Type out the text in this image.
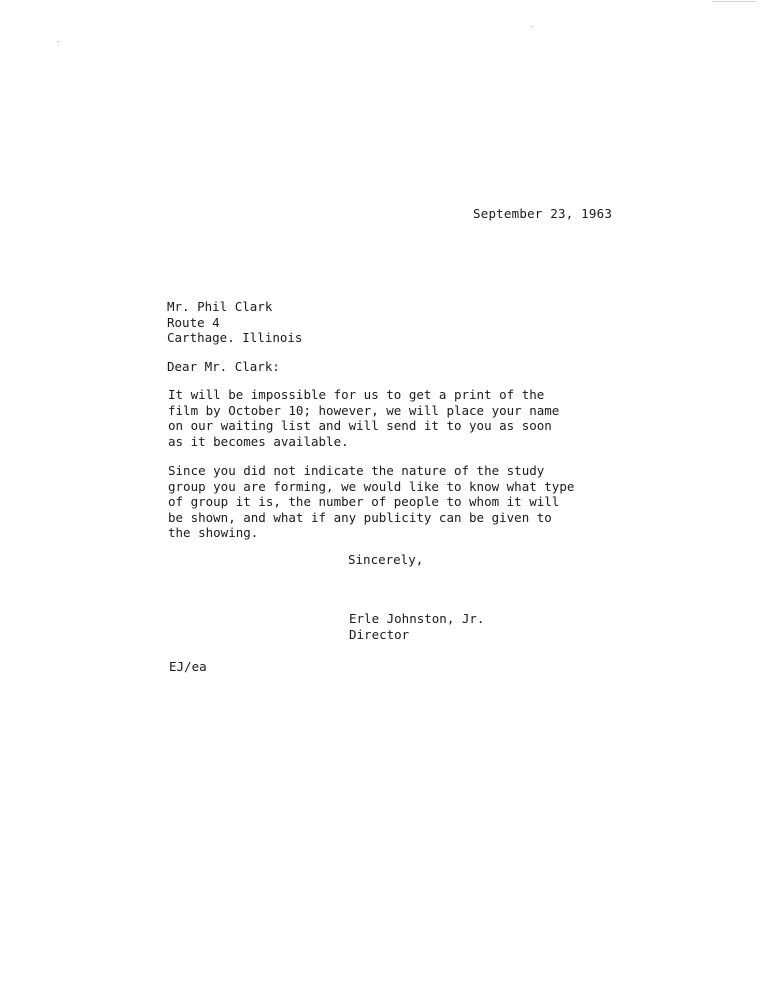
September 23, 1963
Mr. Phil Clark
Route 4
Carthage. Illinois
Dear Mr. Clark:

It will be impossible for us to get a print of the
film by October 10; however, we will place your name
on our waiting list and will send it to you as soon
as it becomes available.

Since you did not indicate the nature of the study
group you are forming, we would like to know what type
of group it is, the number of people to whom it will
be shown, and what if any publicity can be given to
the showing.

Sincerely,
Erle Johnston, Jr.
Director
EJ/ea
